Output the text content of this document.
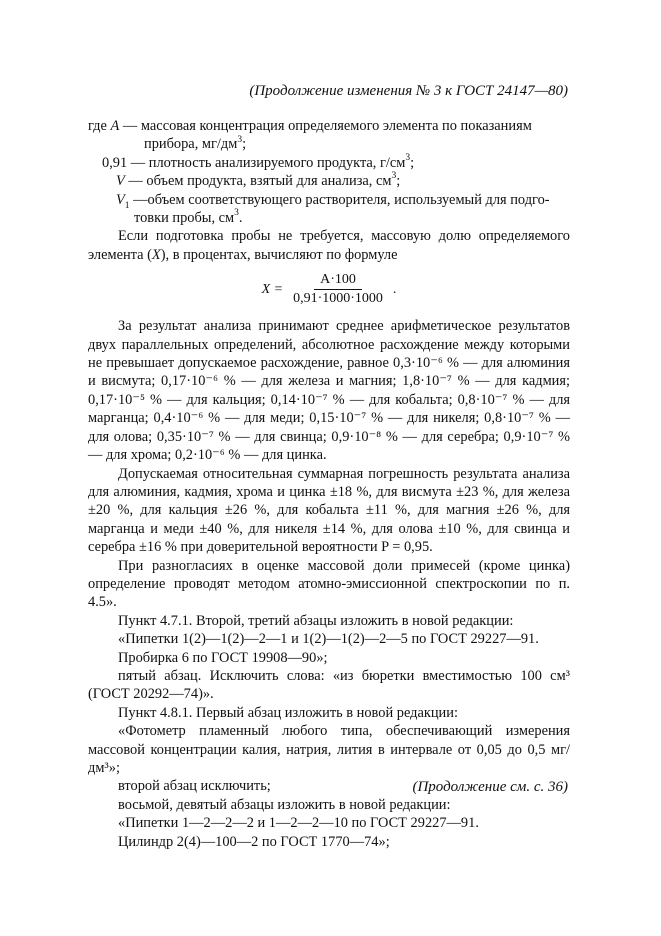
(Продолжение изменения № 3 к ГОСТ 24147—80)

где A — массовая концентрация определяемого элемента по показаниям
прибора, $мг/дм^3$;

0,91 — плотность анализируемого продукта, $г/см^3$;

V — объем продукта, взятый для анализа, $см^3$;

$V_1$ —объем соответствующего растворителя, используемый для подго-
товки пробы, $см^3$.

Если подготовка пробы не требуется, массовую долю определяемого элемента (X), в процентах, вычисляют по формуле

$X = \frac{A\cdot 100}{0,91\cdot 1000\cdot 1000}$ .

За результат анализа принимают среднее арифметическое результатов двух параллельных определений, абсолютное расхождение между которыми не превышает допускаемое расхождение, равное 0,3·10⁻⁶ % — для алюминия и висмута; 0,17·10⁻⁶ % — для железа и магния; 1,8·10⁻⁷ % — для кадмия; 0,17·10⁻⁵ % — для кальция; 0,14·10⁻⁷ % — для кобальта; 0,8·10⁻⁷ % — для марганца; 0,4·10⁻⁶ % — для меди; 0,15·10⁻⁷ % — для никеля; 0,8·10⁻⁷ % — для олова; 0,35·10⁻⁷ % — для свинца; 0,9·10⁻⁸ % — для серебра; 0,9·10⁻⁷ % — для хрома; 0,2·10⁻⁶ % — для цинка.

Допускаемая относительная суммарная погрешность результата анализа для алюминия, кадмия, хрома и цинка ±18 %, для висмута ±23 %, для железа ±20 %, для кальция ±26 %, для кобальта ±11 %, для магния ±26 %, для марганца и меди ±40 %, для никеля ±14 %, для олова ±10 %, для свинца и серебра ±16 % при доверительной вероятности P = 0,95.

При разногласиях в оценке массовой доли примесей (кроме цинка) определение проводят методом атомно-эмиссионной спектроскопии по п. 4.5».

Пункт 4.7.1. Второй, третий абзацы изложить в новой редакции:

«Пипетки 1(2)—1(2)—2—1 и 1(2)—1(2)—2—5 по ГОСТ 29227—91.

Пробирка 6 по ГОСТ 19908—90»;

пятый абзац. Исключить слова: «из бюретки вместимостью 100 см³ (ГОСТ 20292—74)».

Пункт 4.8.1. Первый абзац изложить в новой редакции:

«Фотометр пламенный любого типа, обеспечивающий измерения массовой концентрации калия, натрия, лития в интервале от 0,05 до 0,5 мг/дм³»;

второй абзац исключить;

восьмой, девятый абзацы изложить в новой редакции:

«Пипетки 1—2—2—2 и 1—2—2—10 по ГОСТ 29227—91.

Цилиндр 2(4)—100—2 по ГОСТ 1770—74»;

(Продолжение см. с. 36)
